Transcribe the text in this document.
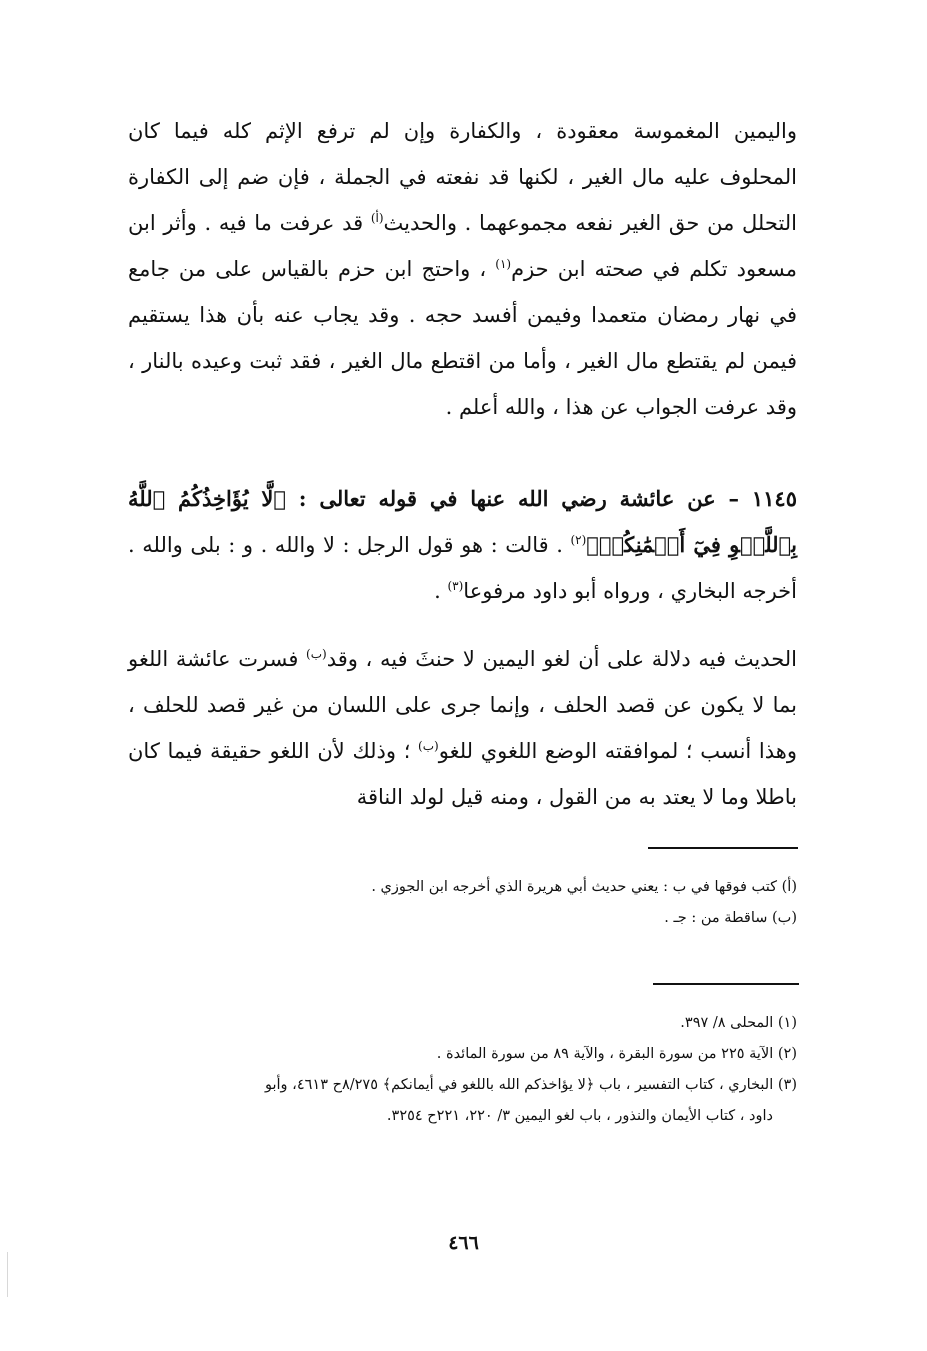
واليمين المغموسة معقودة ، والكفارة وإن لم ترفع الإثم كله فيما كان المحلوف عليه مال الغير ، لكنها قد نفعته في الجملة ، فإن ضم إلى الكفارة التحلل من حق الغير نفعه مجموعهما . والحديث$^{(أ)}$ قد عرفت ما فيه . وأثر ابن مسعود تكلم في صحته ابن حزم$^{(١)}$ ، واحتج ابن حزم بالقياس على من جامع في نهار رمضان متعمدا وفيمن أفسد حجه . وقد يجاب عنه بأن هذا يستقيم فيمن لم يقتطع مال الغير ، وأما من اقتطع مال الغير ، فقد ثبت وعيده بالنار ، وقد عرفت الجواب عن هذا ، والله أعلم .
١١٤٥ – عن عائشة رضي الله عنها في قوله تعالى : ﴿لَّا يُؤَاخِذُكُمُ ٱللَّهُ بِٱللَّغۡوِ فِيٓ أَيۡمَٰنِكُمۡ﴾$^{(٢)}$ . قالت : هو قول الرجل : لا والله . و : بلى والله . أخرجه البخاري ، ورواه أبو داود مرفوعا$^{(٣)}$ .
الحديث فيه دلالة على أن لغو اليمين لا حنثَ فيه ، وقد$^{(ب)}$ فسرت عائشة اللغو بما لا يكون عن قصد الحلف ، وإنما جرى على اللسان من غير قصد للحلف ، وهذا أنسب ؛ لموافقته الوضع اللغوي للغو$^{(ب)}$ ؛ وذلك لأن اللغو حقيقة فيما كان باطلا وما لا يعتد به من القول ، ومنه قيل لولد الناقة
(أ) كتب فوقها في ب : يعني حديث أبي هريرة الذي أخرجه ابن الجوزي .
(ب) ساقطة من : جـ .
(١) المحلى ٨/ ٣٩٧.
(٢) الآية ٢٢٥ من سورة البقرة ، والآية ٨٩ من سورة المائدة .
(٣) البخاري ، كتاب التفسير ، باب ﴿لا يؤاخذكم الله باللغو في أيمانكم﴾ ٨/٢٧٥ح ٤٦١٣، وأبو
داود ، كتاب الأيمان والنذور ، باب لغو اليمين ٣/ ٢٢٠، ٢٢١ح ٣٢٥٤.
٤٦٦
